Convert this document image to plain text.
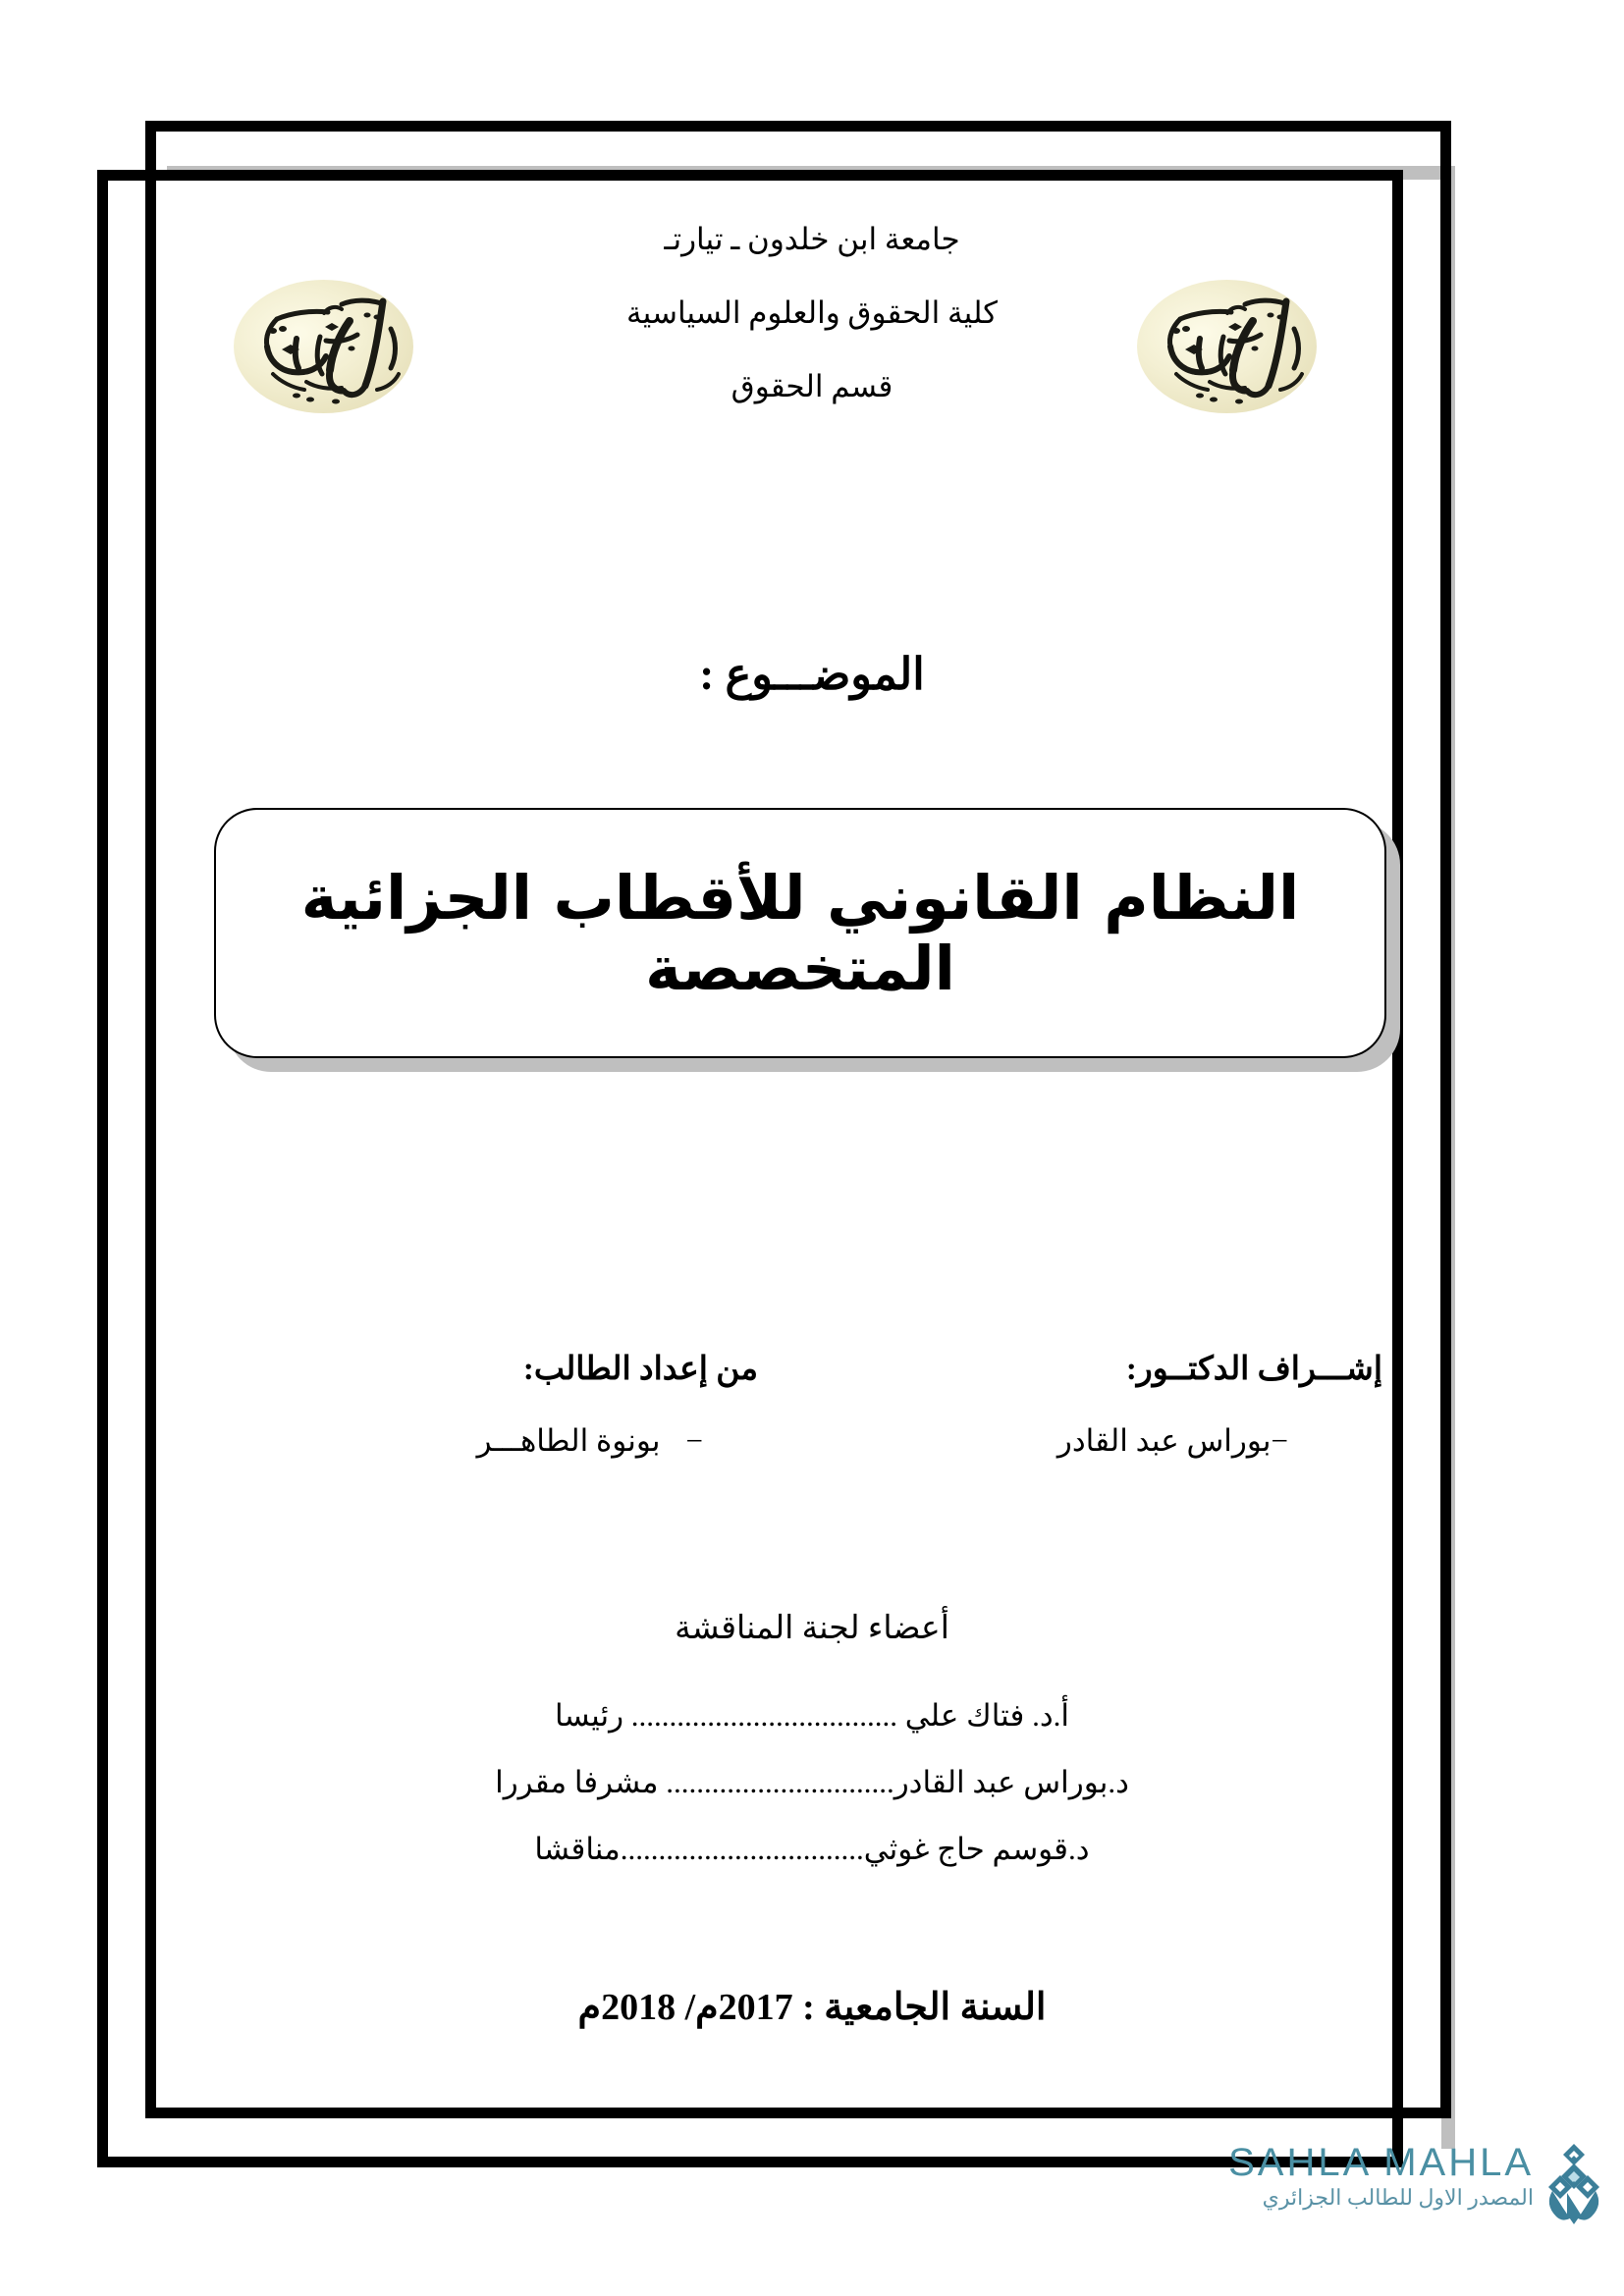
جامعة ابن خلدون ـ تيارتـ

كلية الحقوق والعلوم السياسية

قسم الحقوق

الموضـــوع :
النظام القانوني للأقطاب الجزائية المتخصصة

إشـــراف الدكتــور:

−بوراس عبد القادر

من إعداد الطالب:

−بونوة الطاهـــر

أعضاء لجنة المناقشة

أ.د. فتاك علي ................................... رئيسا
د.بوراس عبد القادر.............................. مشرفا مقررا
د.قوسم حاج غوثي................................مناقشا
السنة الجامعية : 2017م/ 2018م
SAHLA MAHLA
المصدر الاول للطالب الجزائري
